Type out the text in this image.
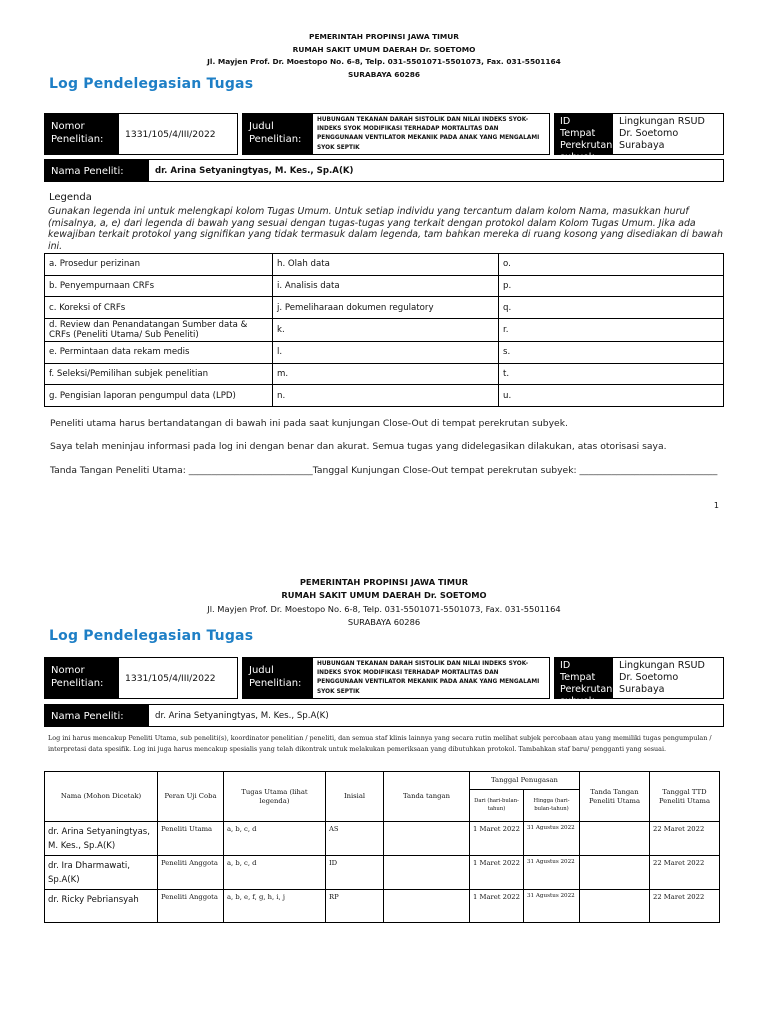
PEMERINTAH PROPINSI JAWA TIMUR
RUMAH SAKIT UMUM DAERAH Dr. SOETOMO
Jl. Mayjen Prof. Dr. Moestopo No. 6-8, Telp. 031-5501071-5501073, Fax. 031-5501164
SURABAYA 60286
Log Pendelegasian Tugas
Nomor Penelitian:	1331/105/4/III/2022
Judul Penelitian:
HUBUNGAN TEKANAN DARAH SISTOLIK DAN NILAI INDEKS SYOK-INDEKS SYOK MODIFIKASI TERHADAP MORTALITAS DAN PENGGUNAAN VENTILATOR MEKANIK PADA ANAK YANG MENGALAMI SYOK SEPTIK
ID Tempat Perekrutan subyek:
Lingkungan RSUD Dr. Soetomo Surabaya
Nama Peneliti:	dr. Arina Setyaningtyas, M. Kes., Sp.A(K)
Legenda
Gunakan legenda ini untuk melengkapi kolom Tugas Umum. Untuk setiap individu yang tercantum dalam kolom Nama, masukkan huruf (misalnya, a, e) dari legenda di bawah yang sesuai dengan tugas-tugas yang terkait dengan protokol dalam Kolom Tugas Umum. Jika ada kewajiban terkait protokol yang signifikan yang tidak termasuk dalam legenda, tam bahkan mereka di ruang kosong yang disediakan di bawah ini.
a. Prosedur perizinan	h. Olah data	o.
b. Penyempurnaan CRFs	i. Analisis data	p.
c. Koreksi of CRFs	j. Pemeliharaan dokumen regulatory	q.
d. Review dan Penandatangan Sumber data & CRFs (Peneliti Utama/ Sub Peneliti)	k.	r.
e. Permintaan data rekam medis	l.	s.
f. Seleksi/Pemilihan subjek penelitian	m.	t.
g. Pengisian laporan pengumpul data (LPD)	n.	u.
Peneliti utama harus bertandatangan di bawah ini pada saat kunjungan Close-Out di tempat perekrutan subyek.
Saya telah meninjau informasi pada log ini dengan benar dan akurat. Semua tugas yang didelegasikan dilakukan, atas otorisasi saya.
Tanda Tangan Peneliti Utama: ___________________________Tanggal Kunjungan Close-Out tempat perekrutan subyek: ______________________________
1
PEMERINTAH PROPINSI JAWA TIMUR
RUMAH SAKIT UMUM DAERAH Dr. SOETOMO
Jl. Mayjen Prof. Dr. Moestopo No. 6-8, Telp. 031-5501071-5501073, Fax. 031-5501164
SURABAYA 60286
Log Pendelegasian Tugas
Nomor Penelitian:	1331/105/4/III/2022
Judul Penelitian:
HUBUNGAN TEKANAN DARAH SISTOLIK DAN NILAI INDEKS SYOK-INDEKS SYOK MODIFIKASI TERHADAP MORTALITAS DAN PENGGUNAAN VENTILATOR MEKANIK PADA ANAK YANG MENGALAMI SYOK SEPTIK
ID Tempat Perekrutan subyek:
Lingkungan RSUD Dr. Soetomo Surabaya
Nama Peneliti:	dr. Arina Setyaningtyas, M. Kes., Sp.A(K)
Log ini harus mencakup Peneliti Utama, sub peneliti(s), koordinator penelitian / peneliti, dan semua staf klinis lainnya yang secara rutin melihat subjek percobaan atau yang memiliki tugas pengumpulan / interpretasi data spesifik. Log ini juga harus mencakup spesialis yang telah dikontrak untuk melakukan pemeriksaan yang dibutuhkan protokol. Tambahkan staf baru/ pengganti yang sesuai.
Nama (Mohon Dicetak)	Peran Uji Coba	Tugas Utama (lihat legenda)	Inisial	Tanda tangan	Tanggal Penugasan		Tanda Tangan Peneliti Utama	Tanggal TTD Peneliti Utama
					Dari (hari-bulan-tahun)	Hingga (hari-bulan-tahun)		
dr. Arina Setyaningtyas, M. Kes., Sp.A(K)	Peneliti Utama	a, b, c, d	AS		1 Maret 2022	31 Agustus 2022		22 Maret 2022
dr. Ira Dharmawati, Sp.A(K)	Peneliti Anggota	a, b, c, d	ID		1 Maret 2022	31 Agustus 2022		22 Maret 2022
dr. Ricky Pebriansyah	Peneliti Anggota	a, b, e, f, g, h, i, j	RP		1 Maret 2022	31 Agustus 2022		22 Maret 2022
